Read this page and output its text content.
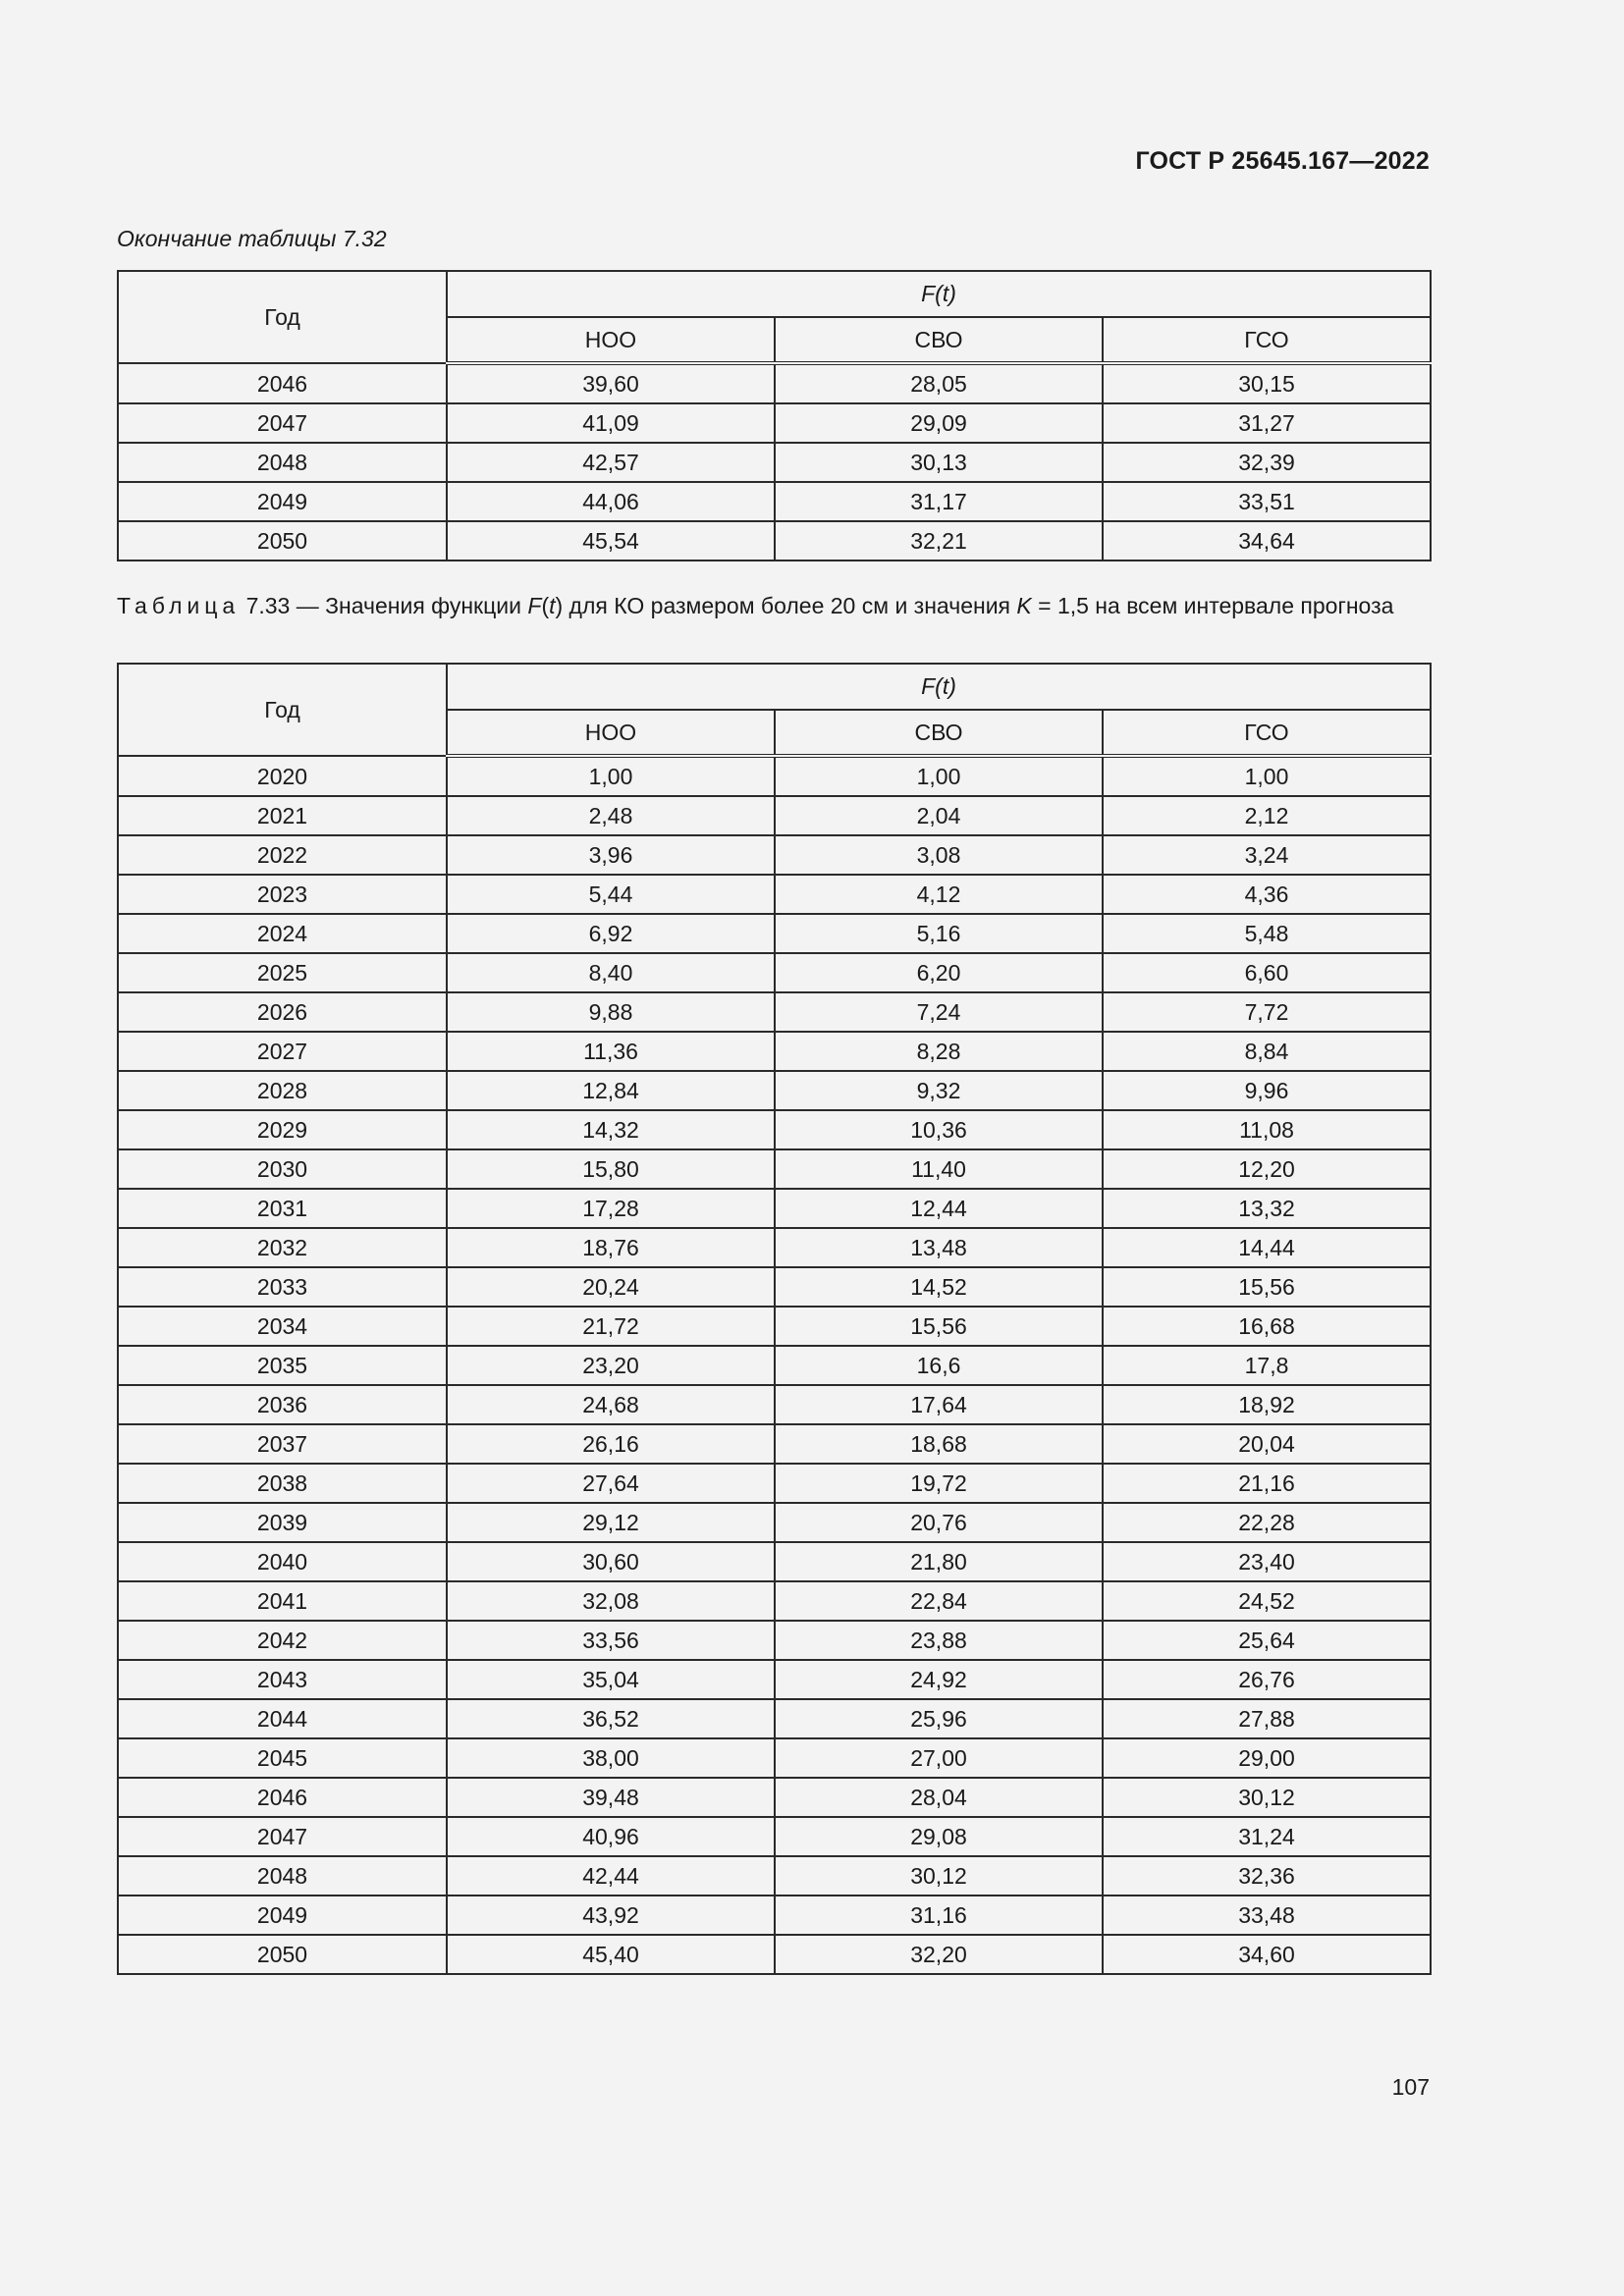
ГОСТ Р 25645.167—2022
Окончание таблицы 7.32
Год	F(t)		
	НОО	СВО	ГСО
2046	39,60	28,05	30,15
2047	41,09	29,09	31,27
2048	42,57	30,13	32,39
2049	44,06	31,17	33,51
2050	45,54	32,21	34,64
Таблица 7.33 — Значения функции F(t) для КО размером более 20 см и значения K = 1,5 на всем интервале прогноза
Год	F(t)		
	НОО	СВО	ГСО
2020	1,00	1,00	1,00
2021	2,48	2,04	2,12
2022	3,96	3,08	3,24
2023	5,44	4,12	4,36
2024	6,92	5,16	5,48
2025	8,40	6,20	6,60
2026	9,88	7,24	7,72
2027	11,36	8,28	8,84
2028	12,84	9,32	9,96
2029	14,32	10,36	11,08
2030	15,80	11,40	12,20
2031	17,28	12,44	13,32
2032	18,76	13,48	14,44
2033	20,24	14,52	15,56
2034	21,72	15,56	16,68
2035	23,20	16,6	17,8
2036	24,68	17,64	18,92
2037	26,16	18,68	20,04
2038	27,64	19,72	21,16
2039	29,12	20,76	22,28
2040	30,60	21,80	23,40
2041	32,08	22,84	24,52
2042	33,56	23,88	25,64
2043	35,04	24,92	26,76
2044	36,52	25,96	27,88
2045	38,00	27,00	29,00
2046	39,48	28,04	30,12
2047	40,96	29,08	31,24
2048	42,44	30,12	32,36
2049	43,92	31,16	33,48
2050	45,40	32,20	34,60
107
